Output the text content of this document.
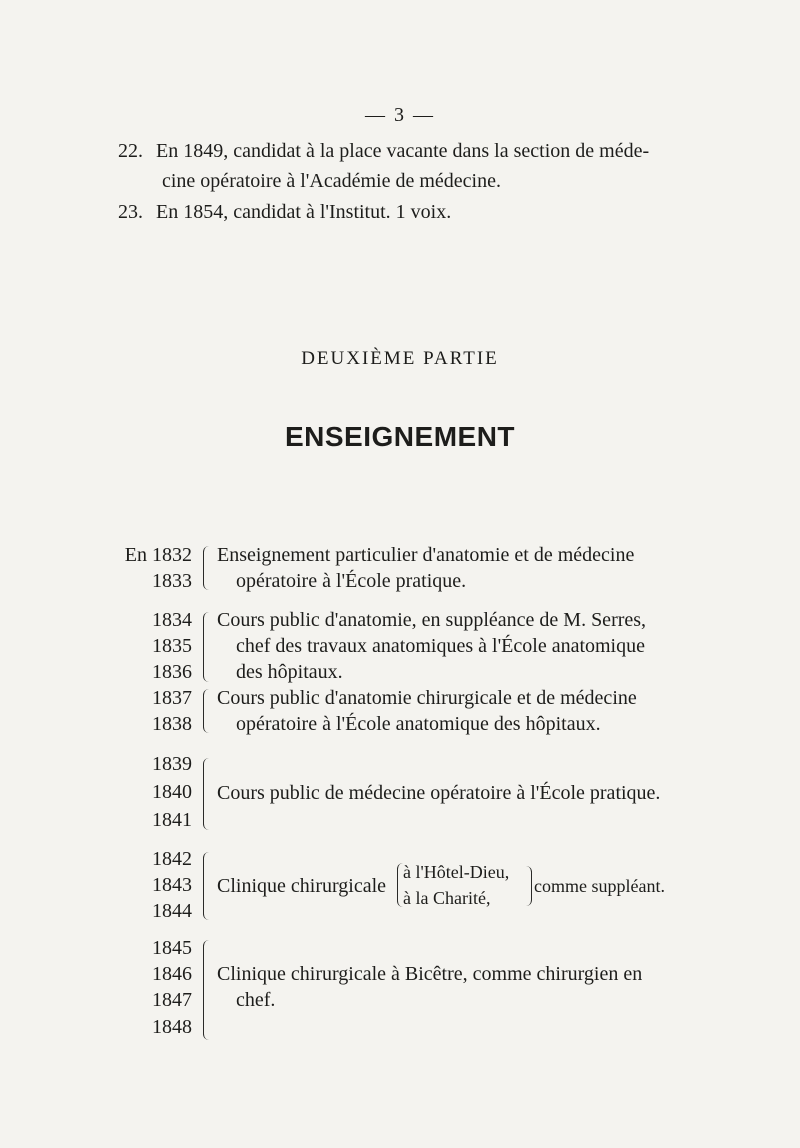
— 3 —
22. En 1849, candidat à la place vacante dans la section de méde-
cine opératoire à l'Académie de médecine.
23. En 1854, candidat à l'Institut. 1 voix.
DEUXIÈME PARTIE
ENSEIGNEMENT
En 1832
1833
Enseignement particulier d'anatomie et de médecine
opératoire à l'École pratique.
1834
1835
1836
Cours public d'anatomie, en suppléance de M. Serres,
chef des travaux anatomiques à l'École anatomique
des hôpitaux.
1837
1838
Cours public d'anatomie chirurgicale et de médecine
opératoire à l'École anatomique des hôpitaux.
1839
1840
1841
Cours public de médecine opératoire à l'École pratique.
1842
1843
1844
Clinique chirurgicale
à l'Hôtel-Dieu,
à la Charité,
comme suppléant.
1845
1846
1847
1848
Clinique chirurgicale à Bicêtre, comme chirurgien en
chef.
